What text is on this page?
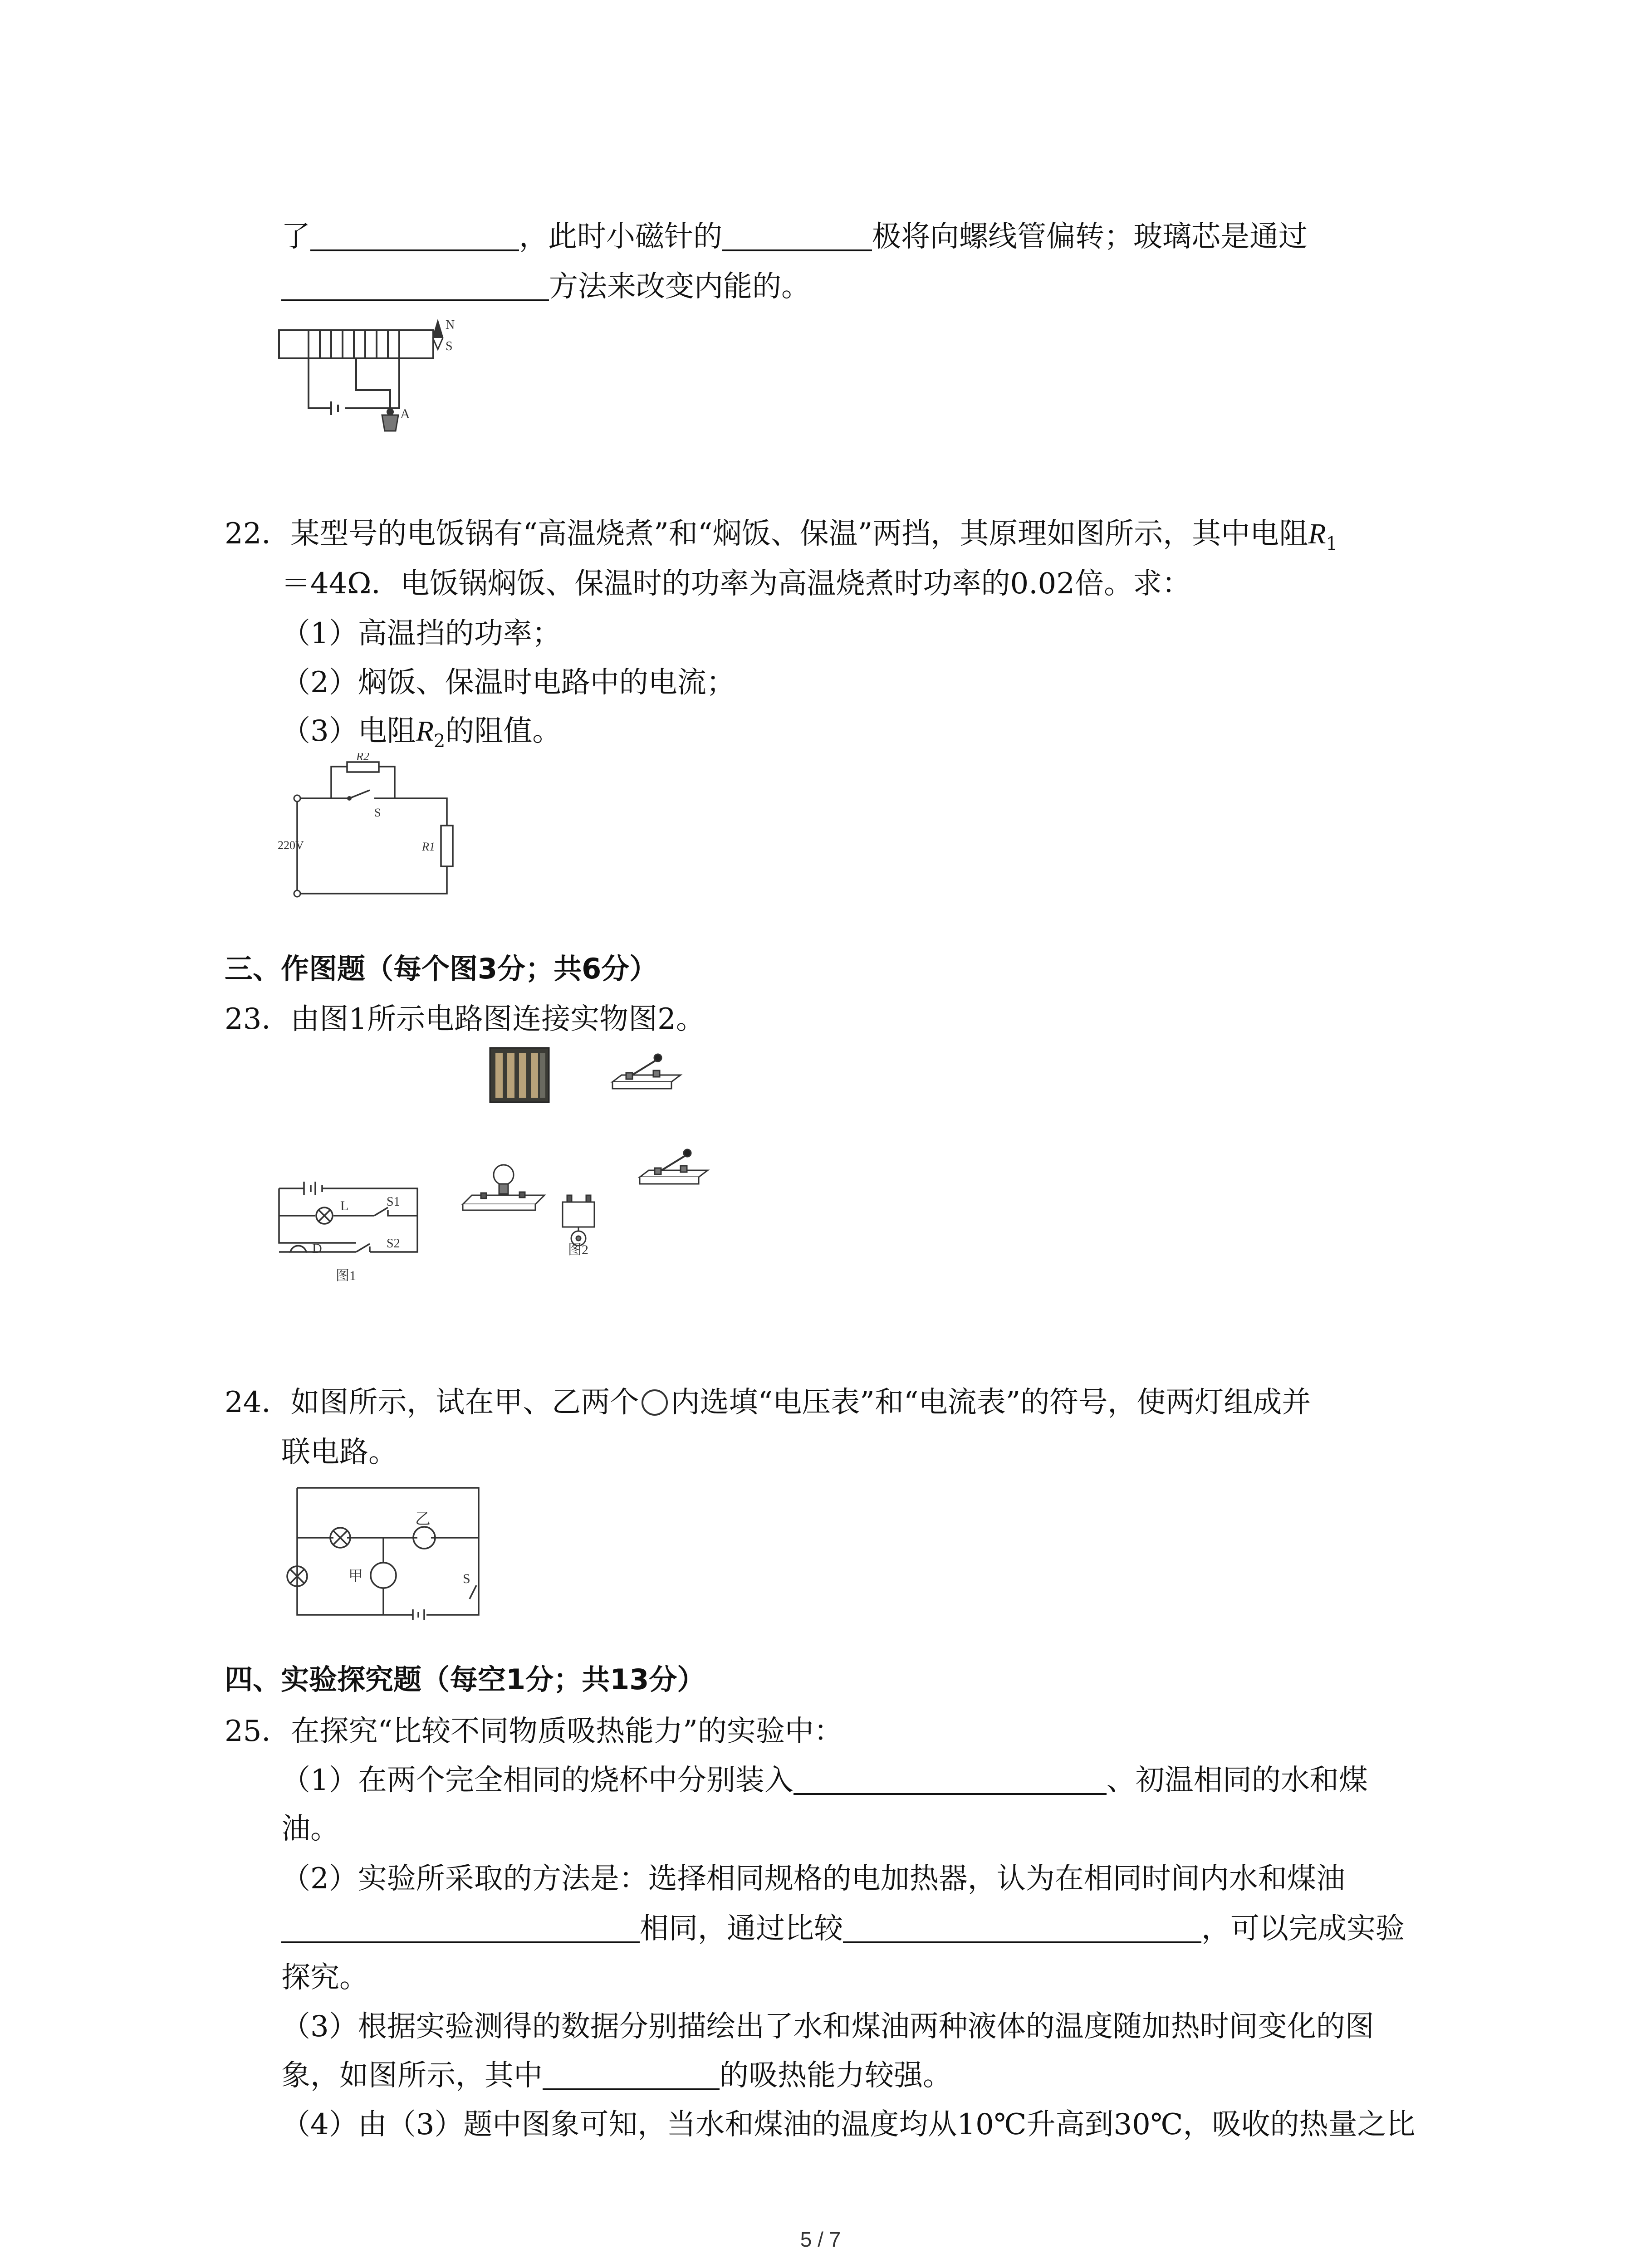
了	，此时小磁针的	极将向螺线管偏转；玻璃芯是通过
方法来改变内能的。
A
N
S
22．某型号的电饭锅有“高温烧煮”和“焖饭、保温”两挡，其原理如图所示，其中电阻$R_1$
＝44Ω．电饭锅焖饭、保温时的功率为高温烧煮时功率的0.02倍。求：
（1）高温挡的功率；
（2）焖饭、保温时电路中的电流；
（3）电阻$R_2$的阻值。
R2
S
220V	R1
三、作图题（每个图3分；共6分）
23．由图1所示电路图连接实物图2。
L	S1
D	S2
图1
图2
24．如图所示，试在甲、乙两个 内选填“电压表”和“电流表”的符号，使两灯组成并
联电路。
乙
甲	S
四、实验探究题（每空1分；共13分）
25．在探究“比较不同物质吸热能力”的实验中：
（1）在两个完全相同的烧杯中分别装入	、初温相同的水和煤
油。
（2）实验所采取的方法是：选择相同规格的电加热器，认为在相同时间内水和煤油
相同，通过比较	，可以完成实验
探究。
（3）根据实验测得的数据分别描绘出了水和煤油两种液体的温度随加热时间变化的图
象，如图所示，其中	的吸热能力较强。
（4）由（3）题中图象可知，当水和煤油的温度均从10℃升高到30℃，吸收的热量之比
5 / 7
